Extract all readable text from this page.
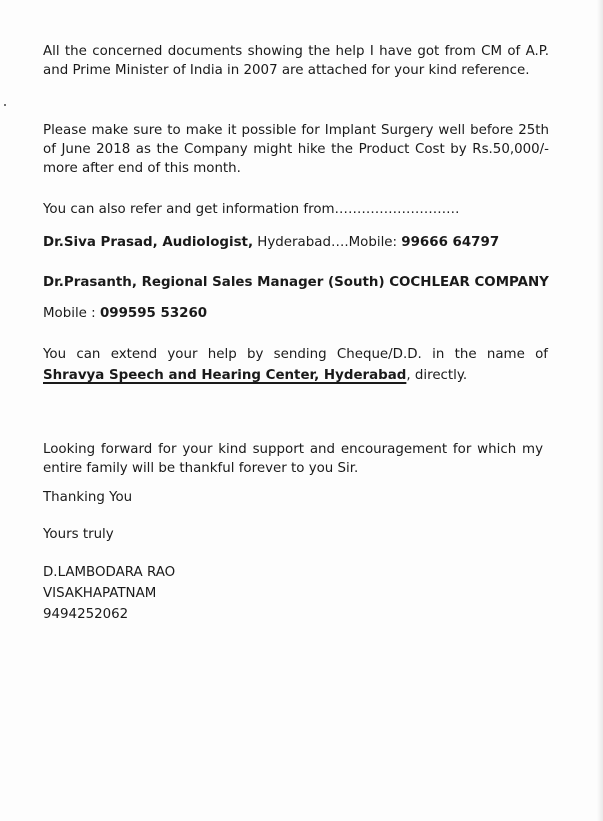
All the concerned documents showing the help I have got from CM of A.P. and Prime Minister of India in 2007 are attached for your kind reference.

Please make sure to make it possible for Implant Surgery well before 25th of June 2018 as the Company might hike the Product Cost by Rs.50,000/- more after end of this month.

You can also refer and get information from……………………….

Dr.Siva Prasad, Audiologist, Hyderabad….Mobile: 99666 64797

Dr.Prasanth, Regional Sales Manager (South) COCHLEAR COMPANY

Mobile : 099595 53260

You can extend your help by sending Cheque/D.D. in the name of

Shravya Speech and Hearing Center, Hyderabad, directly.

Looking forward for your kind support and encouragement for which my entire family will be thankful forever to you Sir.

Thanking You

Yours truly

D.LAMBODARA RAO

VISAKHAPATNAM

9494252062
